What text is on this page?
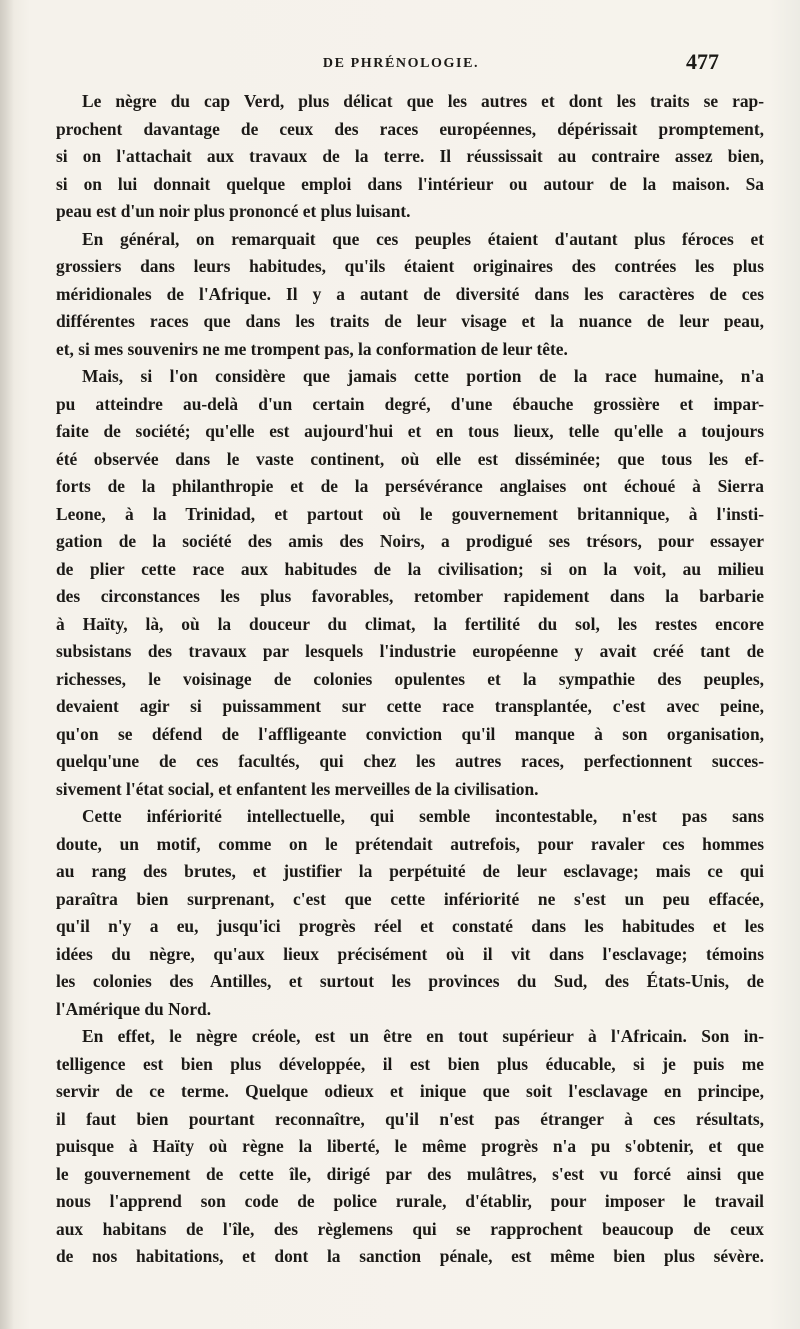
DE PHRÉNOLOGIE.	477
Le nègre du cap Verd, plus délicat que les autres et dont les traits se rap-
prochent davantage de ceux des races européennes, dépérissait promptement,
si on l'attachait aux travaux de la terre. Il réussissait au contraire assez bien,
si on lui donnait quelque emploi dans l'intérieur ou autour de la maison. Sa
peau est d'un noir plus prononcé et plus luisant.
En général, on remarquait que ces peuples étaient d'autant plus féroces et
grossiers dans leurs habitudes, qu'ils étaient originaires des contrées les plus
méridionales de l'Afrique. Il y a autant de diversité dans les caractères de ces
différentes races que dans les traits de leur visage et la nuance de leur peau,
et, si mes souvenirs ne me trompent pas, la conformation de leur tête.
Mais, si l'on considère que jamais cette portion de la race humaine, n'a
pu atteindre au-delà d'un certain degré, d'une ébauche grossière et impar-
faite de société; qu'elle est aujourd'hui et en tous lieux, telle qu'elle a toujours
été observée dans le vaste continent, où elle est disséminée; que tous les ef-
forts de la philanthropie et de la persévérance anglaises ont échoué à Sierra
Leone, à la Trinidad, et partout où le gouvernement britannique, à l'insti-
gation de la société des amis des Noirs, a prodigué ses trésors, pour essayer
de plier cette race aux habitudes de la civilisation; si on la voit, au milieu
des circonstances les plus favorables, retomber rapidement dans la barbarie
à Haïty, là, où la douceur du climat, la fertilité du sol, les restes encore
subsistans des travaux par lesquels l'industrie européenne y avait créé tant de
richesses, le voisinage de colonies opulentes et la sympathie des peuples,
devaient agir si puissamment sur cette race transplantée, c'est avec peine,
qu'on se défend de l'affligeante conviction qu'il manque à son organisation,
quelqu'une de ces facultés, qui chez les autres races, perfectionnent succes-
sivement l'état social, et enfantent les merveilles de la civilisation.
Cette infériorité intellectuelle, qui semble incontestable, n'est pas sans
doute, un motif, comme on le prétendait autrefois, pour ravaler ces hommes
au rang des brutes, et justifier la perpétuité de leur esclavage; mais ce qui
paraîtra bien surprenant, c'est que cette infériorité ne s'est un peu effacée,
qu'il n'y a eu, jusqu'ici progrès réel et constaté dans les habitudes et les
idées du nègre, qu'aux lieux précisément où il vit dans l'esclavage; témoins
les colonies des Antilles, et surtout les provinces du Sud, des États-Unis, de
l'Amérique du Nord.
En effet, le nègre créole, est un être en tout supérieur à l'Africain. Son in-
telligence est bien plus développée, il est bien plus éducable, si je puis me
servir de ce terme. Quelque odieux et inique que soit l'esclavage en principe,
il faut bien pourtant reconnaître, qu'il n'est pas étranger à ces résultats,
puisque à Haïty où règne la liberté, le même progrès n'a pu s'obtenir, et que
le gouvernement de cette île, dirigé par des mulâtres, s'est vu forcé ainsi que
nous l'apprend son code de police rurale, d'établir, pour imposer le travail
aux habitans de l'île, des règlemens qui se rapprochent beaucoup de ceux
de nos habitations, et dont la sanction pénale, est même bien plus sévère.
